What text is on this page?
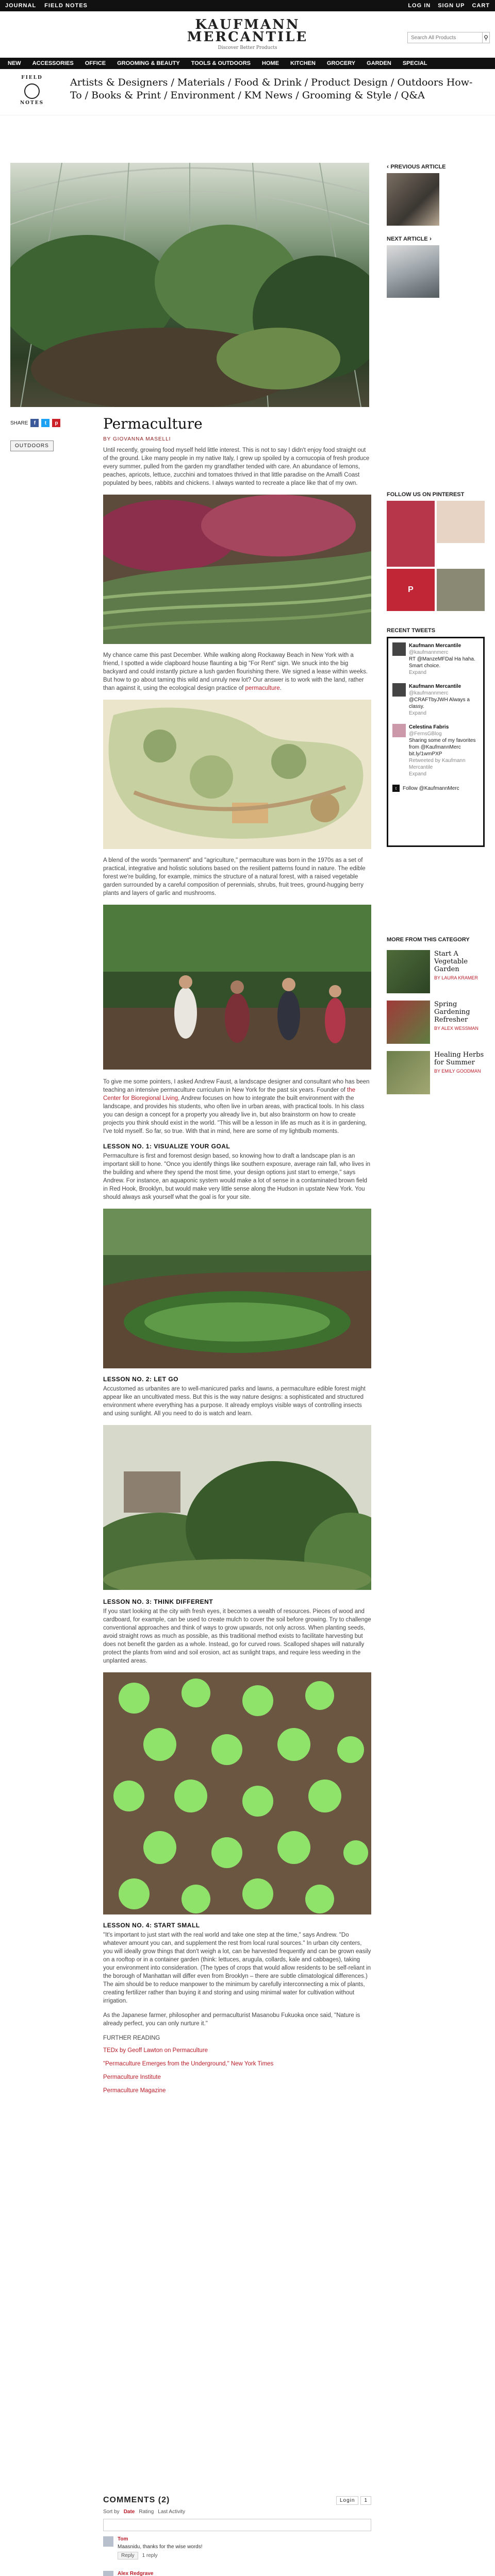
JOURNAL FIELD NOTES	LOG IN SIGN UP CART
KAUFMANN
MERCANTILE
Discover Better Products
Search All Products
⚲
NEW	ACCESSORIES	OFFICE	GROOMING & BEAUTY	TOOLS & OUTDOORS	HOME	KITCHEN	GROCERY	GARDEN	SPECIAL
FIELD
NOTES
Artists & Designers / Materials / Food & Drink / Product Design / Outdoors How-To / Books & Print / Environment / KM News / Grooming & Style / Q&A
‹ PREVIOUS ARTICLE
NEXT ARTICLE ›
SHARE	f	t	p
OUTDOORS
Permaculture
BY GIOVANNA MASELLI

Until recently, growing food myself held little interest. This is not to say I didn't enjoy food straight out of the ground. Like many people in my native Italy, I grew up spoiled by a cornucopia of fresh produce every summer, pulled from the garden my grandfather tended with care. An abundance of lemons, peaches, apricots, lettuce, zucchini and tomatoes thrived in that little paradise on the Amalfi Coast populated by bees, rabbits and chickens. I always wanted to recreate a place like that of my own.

My chance came this past December. While walking along Rockaway Beach in New York with a friend, I spotted a wide clapboard house flaunting a big "For Rent" sign. We snuck into the big backyard and could instantly picture a lush garden flourishing there. We signed a lease within weeks. But how to go about taming this wild and unruly new lot? Our answer is to work with the land, rather than against it, using the ecological design practice of permaculture.

A blend of the words "permanent" and "agriculture," permaculture was born in the 1970s as a set of practical, integrative and holistic solutions based on the resilient patterns found in nature. The edible forest we're building, for example, mimics the structure of a natural forest, with a raised vegetable garden surrounded by a careful composition of perennials, shrubs, fruit trees, ground-hugging berry plants and layers of garlic and mushrooms.

To give me some pointers, I asked Andrew Faust, a landscape designer and consultant who has been teaching an intensive permaculture curriculum in New York for the past six years. Founder of the Center for Bioregional Living, Andrew focuses on how to integrate the built environment with the landscape, and provides his students, who often live in urban areas, with practical tools. In his class you can design a concept for a property you already live in, but also brainstorm on how to create projects you think should exist in the world. "This will be a lesson in life as much as it is in gardening, I've told myself. So far, so true. With that in mind, here are some of my lightbulb moments.

LESSON NO. 1: VISUALIZE YOUR GOAL

Permaculture is first and foremost design based, so knowing how to draft a landscape plan is an important skill to hone. "Once you identify things like southern exposure, average rain fall, who lives in the building and where they spend the most time, your design options just start to emerge," says Andrew. For instance, an aquaponic system would make a lot of sense in a contaminated brown field in Red Hook, Brooklyn, but would make very little sense along the Hudson in upstate New York. You should always ask yourself what the goal is for your site.

LESSON NO. 2: LET GO

Accustomed as urbanites are to well-manicured parks and lawns, a permaculture edible forest might appear like an uncultivated mess. But this is the way nature designs: a sophisticated and structured environment where everything has a purpose. It already employs visible ways of controlling insects and using sunlight. All you need to do is watch and learn.

LESSON NO. 3: THINK DIFFERENT

If you start looking at the city with fresh eyes, it becomes a wealth of resources. Pieces of wood and cardboard, for example, can be used to create mulch to cover the soil before growing. Try to challenge conventional approaches and think of ways to grow upwards, not only across. When planting seeds, avoid straight rows as much as possible, as this traditional method exists to facilitate harvesting but does not benefit the garden as a whole. Instead, go for curved rows. Scalloped shapes will naturally protect the plants from wind and soil erosion, act as sunlight traps, and require less weeding in the unplanted areas.

LESSON NO. 4: START SMALL

"It's important to just start with the real world and take one step at the time," says Andrew. "Do whatever amount you can, and supplement the rest from local rural sources." In urban city centers, you will ideally grow things that don't weigh a lot, can be harvested frequently and can be grown easily on a rooftop or in a container garden (think: lettuces, arugula, collards, kale and cabbages), taking your environment into consideration. (The types of crops that would allow residents to be self-reliant in the borough of Manhattan will differ even from Brooklyn – there are subtle climatological differences.) The aim should be to reduce manpower to the minimum by carefully interconnecting a mix of plants, creating fertilizer rather than buying it and storing and using minimal water for cultivation without irrigation.

As the Japanese farmer, philosopher and permaculturist Masanobu Fukuoka once said, "Nature is already perfect, you can only nurture it."

FURTHER READING

TEDx by Geoff Lawton on Permaculture

"Permaculture Emerges from the Underground," New York Times

Permaculture Institute

Permaculture Magazine

FOLLOW US ON PINTEREST
P
RECENT TWEETS
Kaufmann Mercantile
@kaufmannmerc
RT @ManzeMFDal Ha haha. Smart choice.
Expand
Kaufmann Mercantile
@kaufmannmerc
@CRAFTbyJWH Always a classy.
Expand
Celestina Fabris
@FernsGBlog
Sharing some of my favorites from @KaufmannMerc bit.ly/1wmPXP
Retweeted by Kaufmann Mercantile
Expand
t	Follow @KaufmannMerc
MORE FROM THIS CATEGORY
Start A Vegetable Garden
BY LAURA KRAMER
Spring Gardening Refresher
BY ALEX WESSMAN
Healing Herbs for Summer
BY EMILY GOODMAN
COMMENTS (2)	Login	1
Sort by Date Rating Last Activity
Tom
Maasnidu, thanks for the wise words!
Reply	1 reply
Alex Redgrave
